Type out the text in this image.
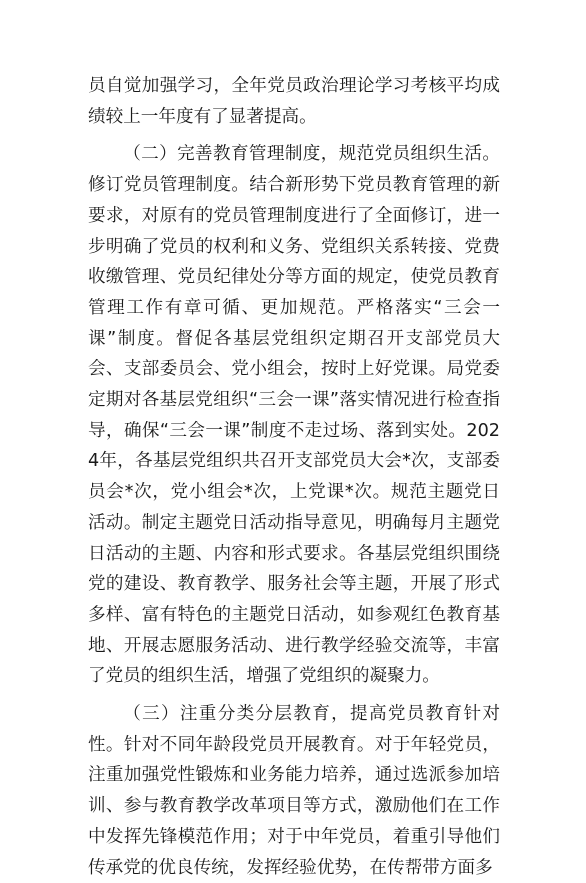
员自觉加强学习，全年党员政治理论学习考核平均成绩较上一年度有了显著提高。

（二）完善教育管理制度，规范党员组织生活。修订党员管理制度。结合新形势下党员教育管理的新要求，对原有的党员管理制度进行了全面修订，进一步明确了党员的权利和义务、党组织关系转接、党费收缴管理、党员纪律处分等方面的规定，使党员教育管理工作有章可循、更加规范。严格落实“三会一课”制度。督促各基层党组织定期召开支部党员大会、支部委员会、党小组会，按时上好党课。局党委定期对各基层党组织“三会一课”落实情况进行检查指导，确保“三会一课”制度不走过场、落到实处。2024年，各基层党组织共召开支部党员大会*次，支部委员会*次，党小组会*次，上党课*次。规范主题党日活动。制定主题党日活动指导意见，明确每月主题党日活动的主题、内容和形式要求。各基层党组织围绕党的建设、教育教学、服务社会等主题，开展了形式多样、富有特色的主题党日活动，如参观红色教育基地、开展志愿服务活动、进行教学经验交流等，丰富了党员的组织生活，增强了党组织的凝聚力。

（三）注重分类分层教育，提高党员教育针对性。针对不同年龄段党员开展教育。对于年轻党员，注重加强党性锻炼和业务能力培养，通过选派参加培训、参与教育教学改革项目等方式，激励他们在工作中发挥先锋模范作用；对于中年党员，着重引导他们传承党的优良传统，发挥经验优势，在传帮带方面多
